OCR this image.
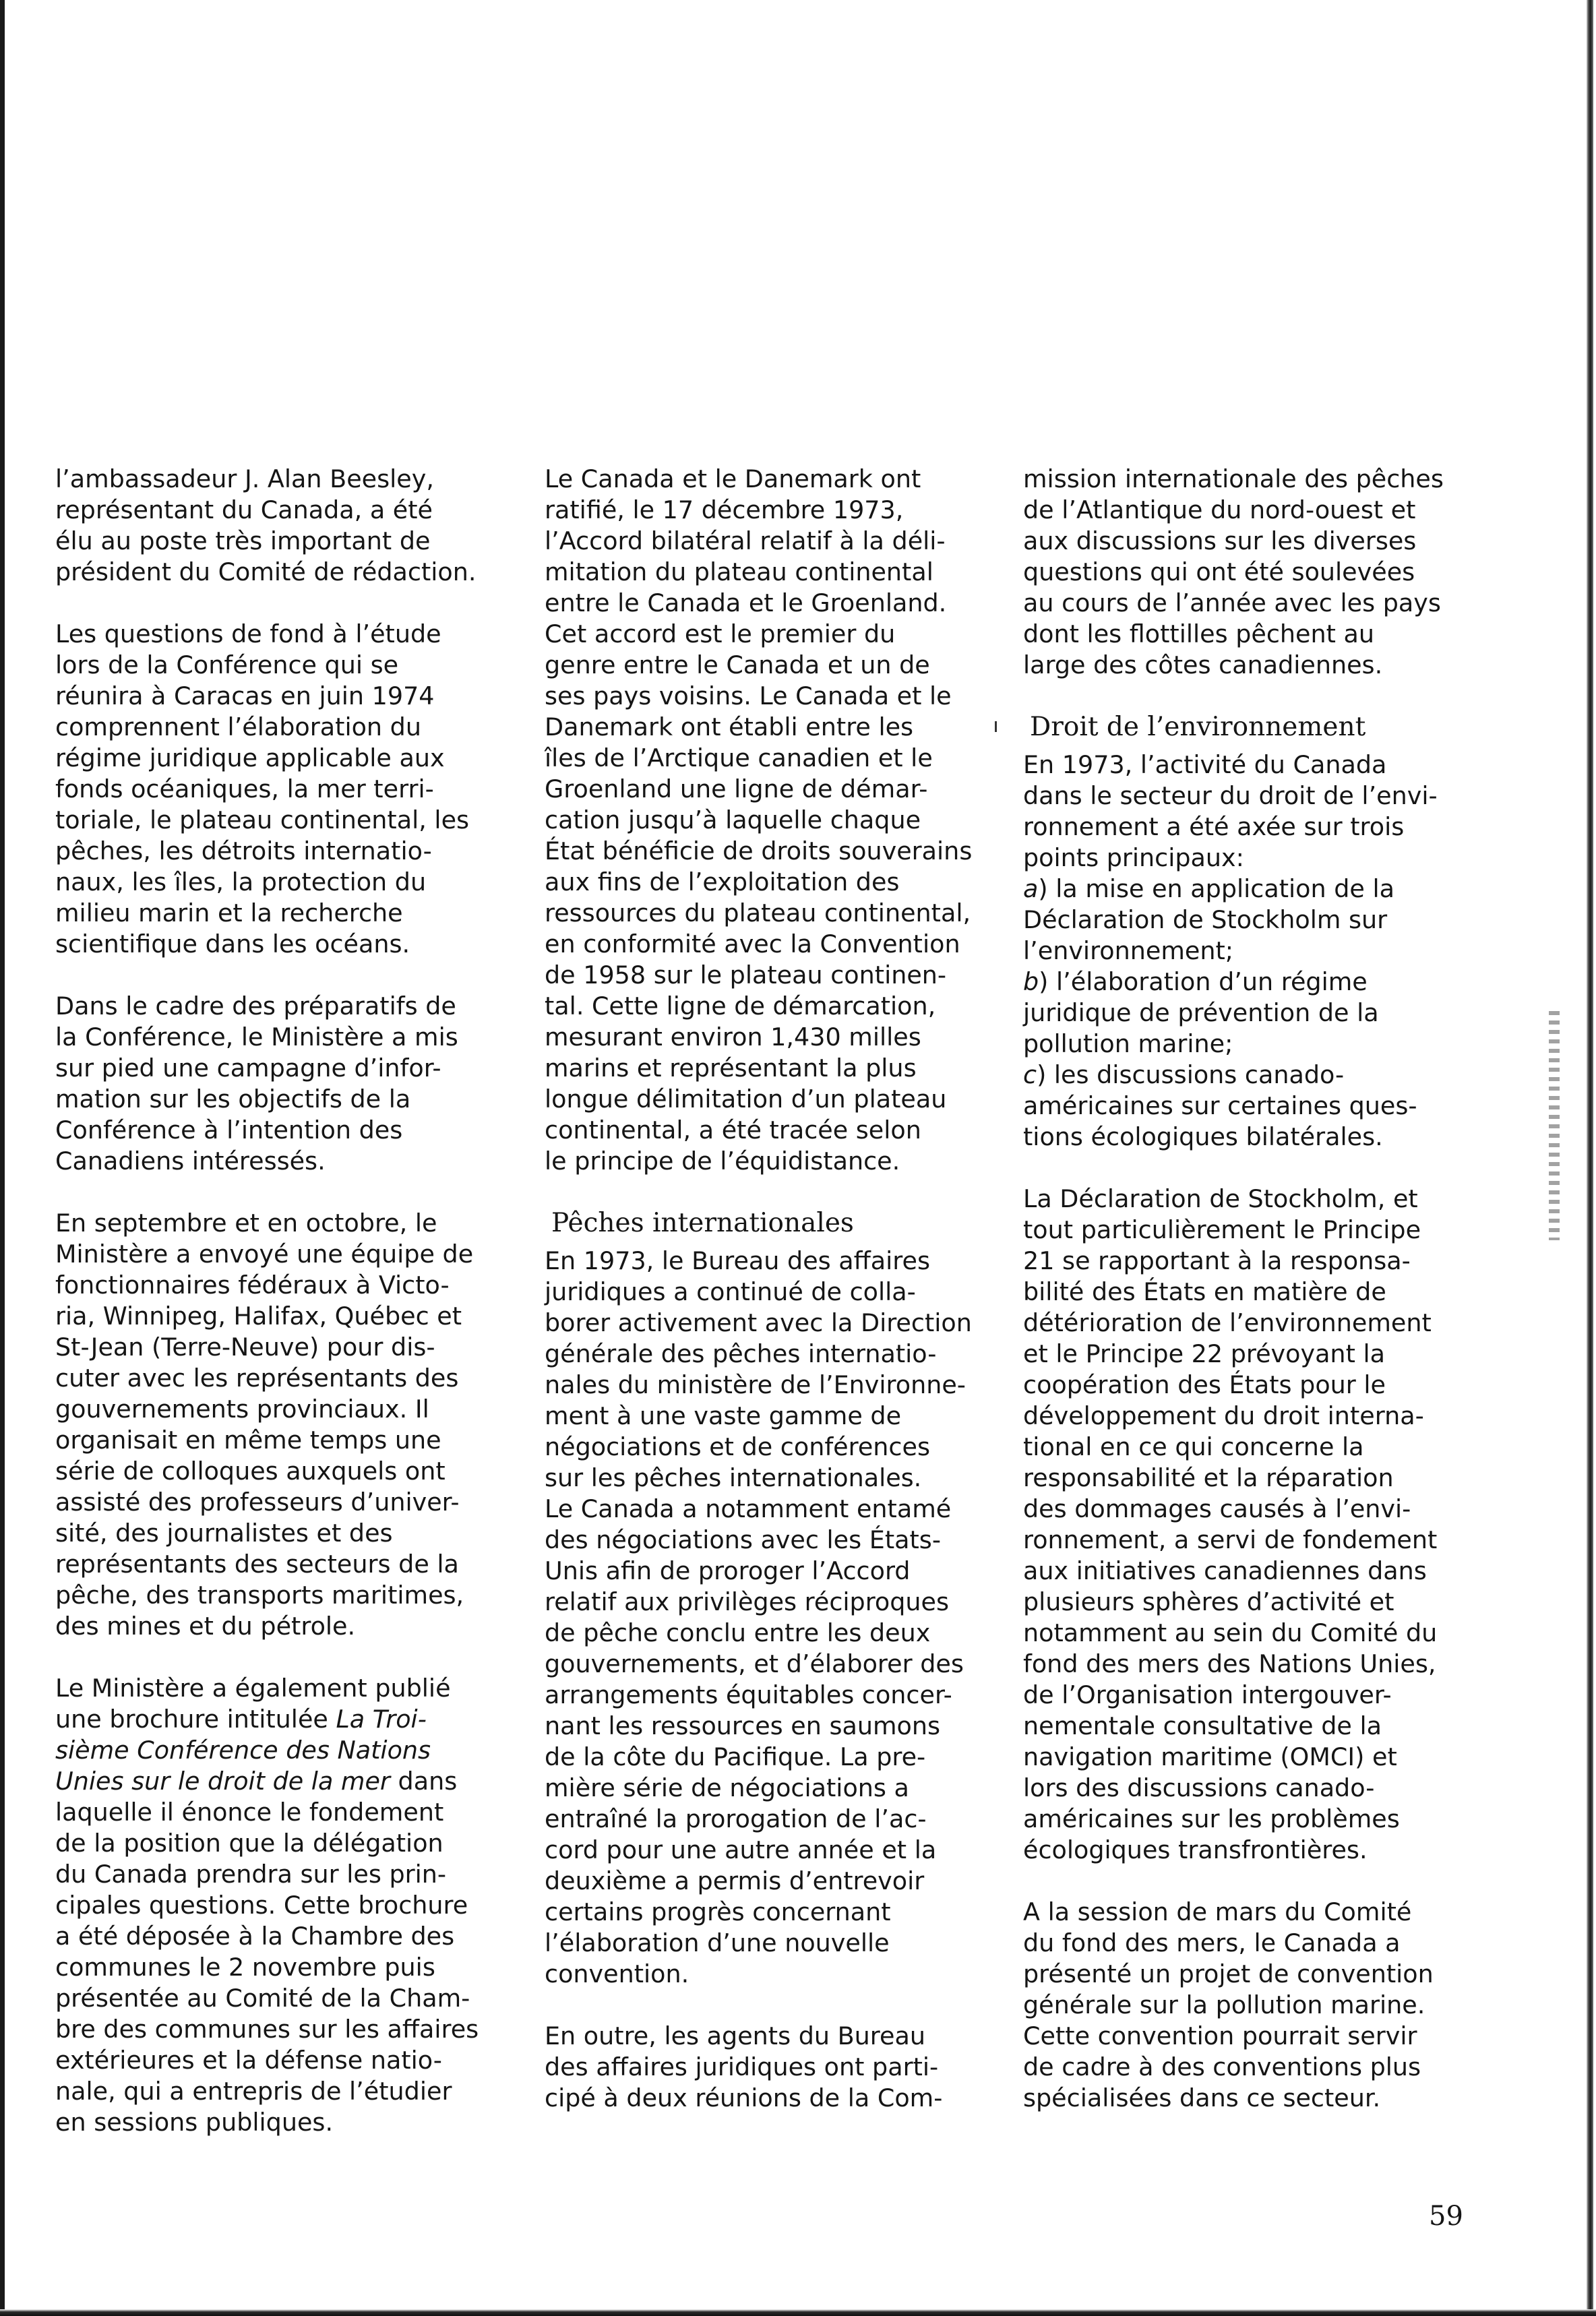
l’ambassadeur J. Alan Beesley,
représentant du Canada, a été
élu au poste très important de
président du Comité de rédaction.

Les questions de fond à l’étude
lors de la Conférence qui se
réunira à Caracas en juin 1974
comprennent l’élaboration du
régime juridique applicable aux
fonds océaniques, la mer terri-
toriale, le plateau continental, les
pêches, les détroits internatio-
naux, les îles, la protection du
milieu marin et la recherche
scientifique dans les océans.

Dans le cadre des préparatifs de
la Conférence, le Ministère a mis
sur pied une campagne d’infor-
mation sur les objectifs de la
Conférence à l’intention des
Canadiens intéressés.

En septembre et en octobre, le
Ministère a envoyé une équipe de
fonctionnaires fédéraux à Victo-
ria, Winnipeg, Halifax, Québec et
St-Jean (Terre-Neuve) pour dis-
cuter avec les représentants des
gouvernements provinciaux. Il
organisait en même temps une
série de colloques auxquels ont
assisté des professeurs d’univer-
sité, des journalistes et des
représentants des secteurs de la
pêche, des transports maritimes,
des mines et du pétrole.

Le Ministère a également publié
une brochure intitulée La Troi-
sième Conférence des Nations
Unies sur le droit de la mer dans
laquelle il énonce le fondement
de la position que la délégation
du Canada prendra sur les prin-
cipales questions. Cette brochure
a été déposée à la Chambre des
communes le 2 novembre puis
présentée au Comité de la Cham-
bre des communes sur les affaires
extérieures et la défense natio-
nale, qui a entrepris de l’étudier
en sessions publiques.

Le Canada et le Danemark ont
ratifié, le 17 décembre 1973,
l’Accord bilatéral relatif à la déli-
mitation du plateau continental
entre le Canada et le Groenland.
Cet accord est le premier du
genre entre le Canada et un de
ses pays voisins. Le Canada et le
Danemark ont établi entre les
îles de l’Arctique canadien et le
Groenland une ligne de démar-
cation jusqu’à laquelle chaque
État bénéficie de droits souverains
aux fins de l’exploitation des
ressources du plateau continental,
en conformité avec la Convention
de 1958 sur le plateau continen-
tal. Cette ligne de démarcation,
mesurant environ 1,430 milles
marins et représentant la plus
longue délimitation d’un plateau
continental, a été tracée selon
le principe de l’équidistance.

Pêches internationales

En 1973, le Bureau des affaires
juridiques a continué de colla-
borer activement avec la Direction
générale des pêches internatio-
nales du ministère de l’Environne-
ment à une vaste gamme de
négociations et de conférences
sur les pêches internationales.
Le Canada a notamment entamé
des négociations avec les États-
Unis afin de proroger l’Accord
relatif aux privilèges réciproques
de pêche conclu entre les deux
gouvernements, et d’élaborer des
arrangements équitables concer-
nant les ressources en saumons
de la côte du Pacifique. La pre-
mière série de négociations a
entraîné la prorogation de l’ac-
cord pour une autre année et la
deuxième a permis d’entrevoir
certains progrès concernant
l’élaboration d’une nouvelle
convention.

En outre, les agents du Bureau
des affaires juridiques ont parti-
cipé à deux réunions de la Com-

mission internationale des pêches
de l’Atlantique du nord-ouest et
aux discussions sur les diverses
questions qui ont été soulevées
au cours de l’année avec les pays
dont les flottilles pêchent au
large des côtes canadiennes.

Droit de l’environnement

En 1973, l’activité du Canada
dans le secteur du droit de l’envi-
ronnement a été axée sur trois
points principaux:

a) la mise en application de la
Déclaration de Stockholm sur
l’environnement;

b) l’élaboration d’un régime
juridique de prévention de la
pollution marine;

c) les discussions canado-
américaines sur certaines ques-
tions écologiques bilatérales.

La Déclaration de Stockholm, et
tout particulièrement le Principe
21 se rapportant à la responsa-
bilité des États en matière de
détérioration de l’environnement
et le Principe 22 prévoyant la
coopération des États pour le
développement du droit interna-
tional en ce qui concerne la
responsabilité et la réparation
des dommages causés à l’envi-
ronnement, a servi de fondement
aux initiatives canadiennes dans
plusieurs sphères d’activité et
notamment au sein du Comité du
fond des mers des Nations Unies,
de l’Organisation intergouver-
nementale consultative de la
navigation maritime (OMCI) et
lors des discussions canado-
américaines sur les problèmes
écologiques transfrontières.

A la session de mars du Comité
du fond des mers, le Canada a
présenté un projet de convention
générale sur la pollution marine.
Cette convention pourrait servir
de cadre à des conventions plus
spécialisées dans ce secteur.

59
